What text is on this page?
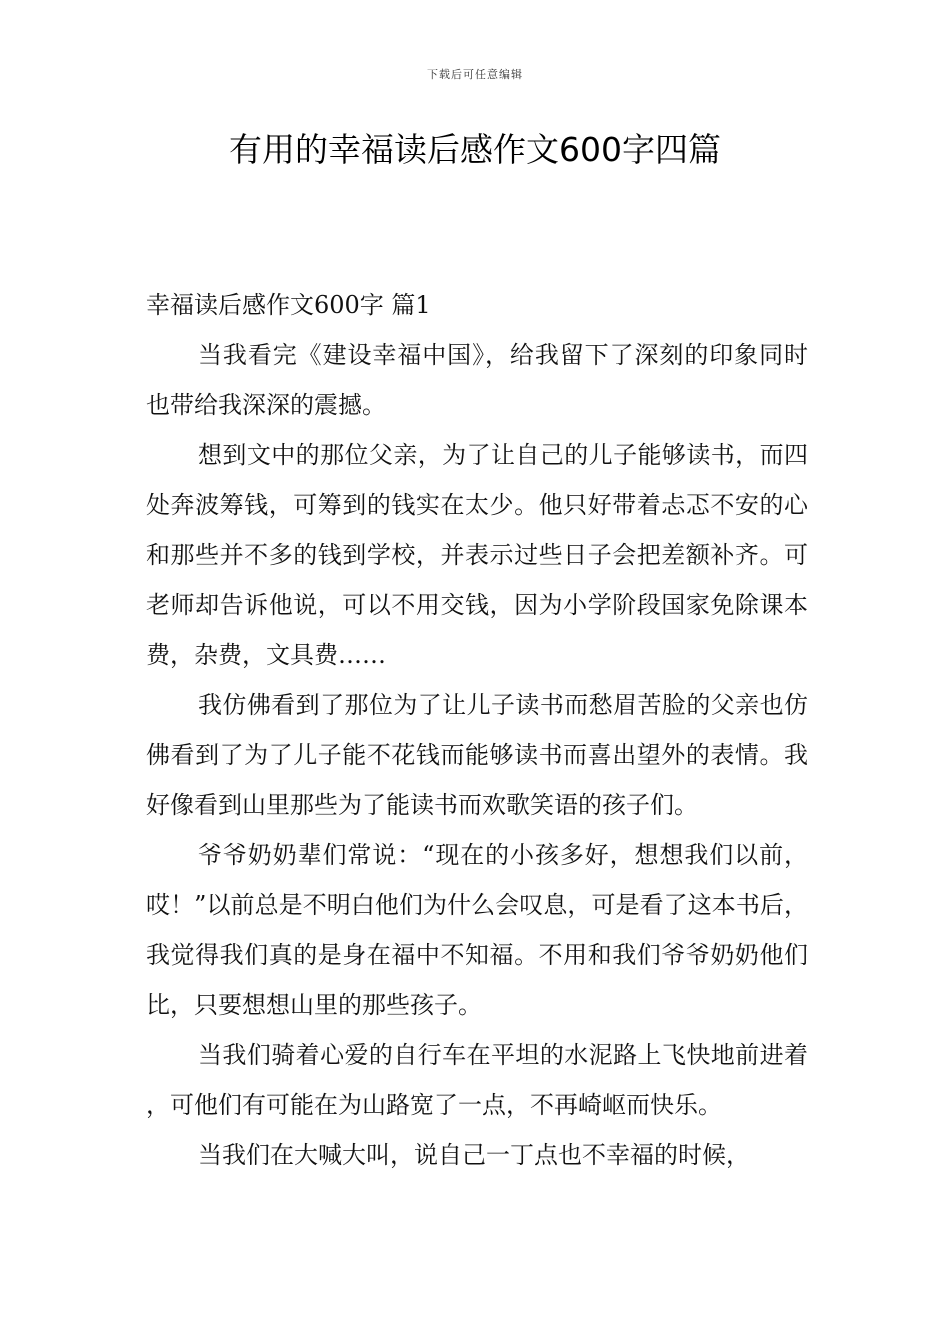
下载后可任意编辑
有用的幸福读后感作文600字四篇
幸福读后感作文600字 篇1

当我看完《建设幸福中国》，给我留下了深刻的印象同时也带给我深深的震撼。

想到文中的那位父亲，为了让自己的儿子能够读书，而四处奔波筹钱，可筹到的钱实在太少。他只好带着忐忑不安的心和那些并不多的钱到学校，并表示过些日子会把差额补齐。可老师却告诉他说，可以不用交钱，因为小学阶段国家免除课本费，杂费，文具费……

我仿佛看到了那位为了让儿子读书而愁眉苦脸的父亲也仿佛看到了为了儿子能不花钱而能够读书而喜出望外的表情。我好像看到山里那些为了能读书而欢歌笑语的孩子们。

爷爷奶奶辈们常说：“现在的小孩多好，想想我们以前，哎！”以前总是不明白他们为什么会叹息，可是看了这本书后，我觉得我们真的是身在福中不知福。不用和我们爷爷奶奶他们比，只要想想山里的那些孩子。

当我们骑着心爱的自行车在平坦的水泥路上飞快地前进着，可他们有可能在为山路宽了一点，不再崎岖而快乐。

当我们在大喊大叫，说自己一丁点也不幸福的时候，
